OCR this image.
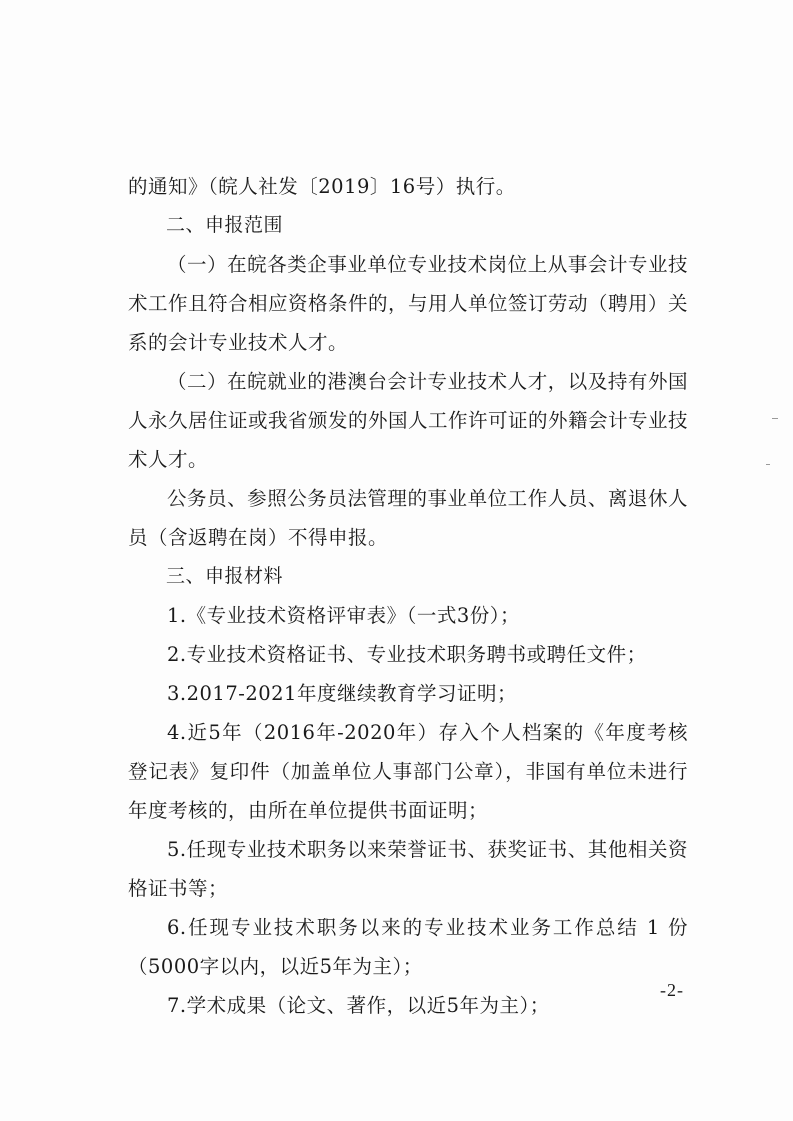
的通知》（皖人社发〔2019〕16号）执行。

二、申报范围

（一）在皖各类企事业单位专业技术岗位上从事会计专业技术工作且符合相应资格条件的，与用人单位签订劳动（聘用）关系的会计专业技术人才。

（二）在皖就业的港澳台会计专业技术人才，以及持有外国人永久居住证或我省颁发的外国人工作许可证的外籍会计专业技术人才。

公务员、参照公务员法管理的事业单位工作人员、离退休人员（含返聘在岗）不得申报。

三、申报材料

1.《专业技术资格评审表》（一式3份）；

2.专业技术资格证书、专业技术职务聘书或聘任文件；

3.2017-2021年度继续教育学习证明；

4.近5年（2016年-2020年）存入个人档案的《年度考核登记表》复印件（加盖单位人事部门公章），非国有单位未进行年度考核的，由所在单位提供书面证明；

5.任现专业技术职务以来荣誉证书、获奖证书、其他相关资格证书等；

6.任现专业技术职务以来的专业技术业务工作总结 1 份（5000字以内，以近5年为主）；

7.学术成果（论文、著作，以近5年为主）；

-2-
